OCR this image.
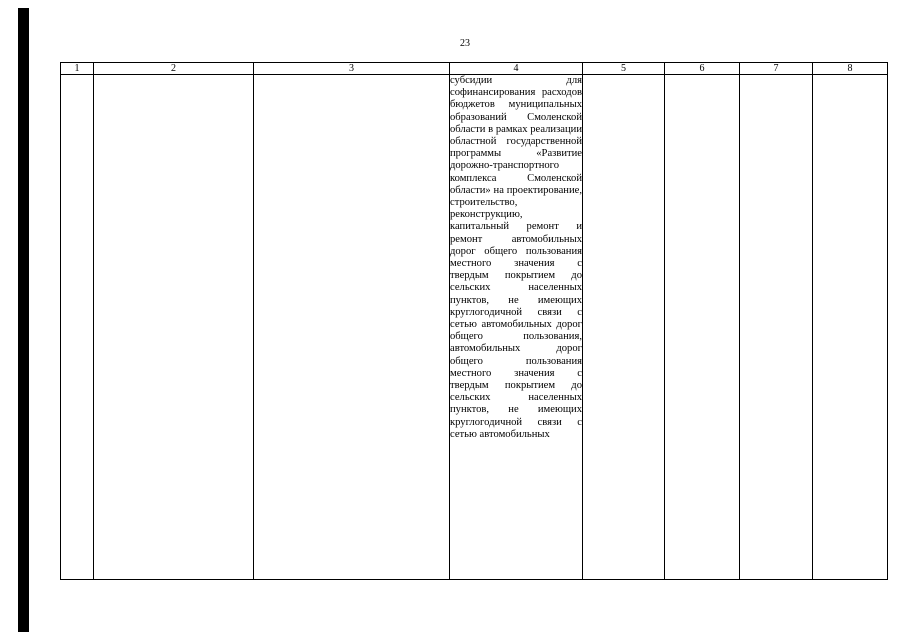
23
1	2	3	4	5	6	7	8

			субсидии для софинансирования расходов бюджетов муниципальных образований Смоленской области в рамках реализации областной государственной программы «Развитие дорожно-транспортного комплекса Смоленской области» на проектирование, строительство, реконструкцию, капитальный ремонт и ремонт автомобильных дорог общего пользования местного значения с твердым покрытием до сельских населенных пунктов, не имеющих круглогодичной связи с сетью автомобильных дорог общего пользования, автомобильных дорог общего пользования местного значения с твердым покрытием до сельских населенных пунктов, не имеющих круглогодичной связи с сетью автомобильных				
